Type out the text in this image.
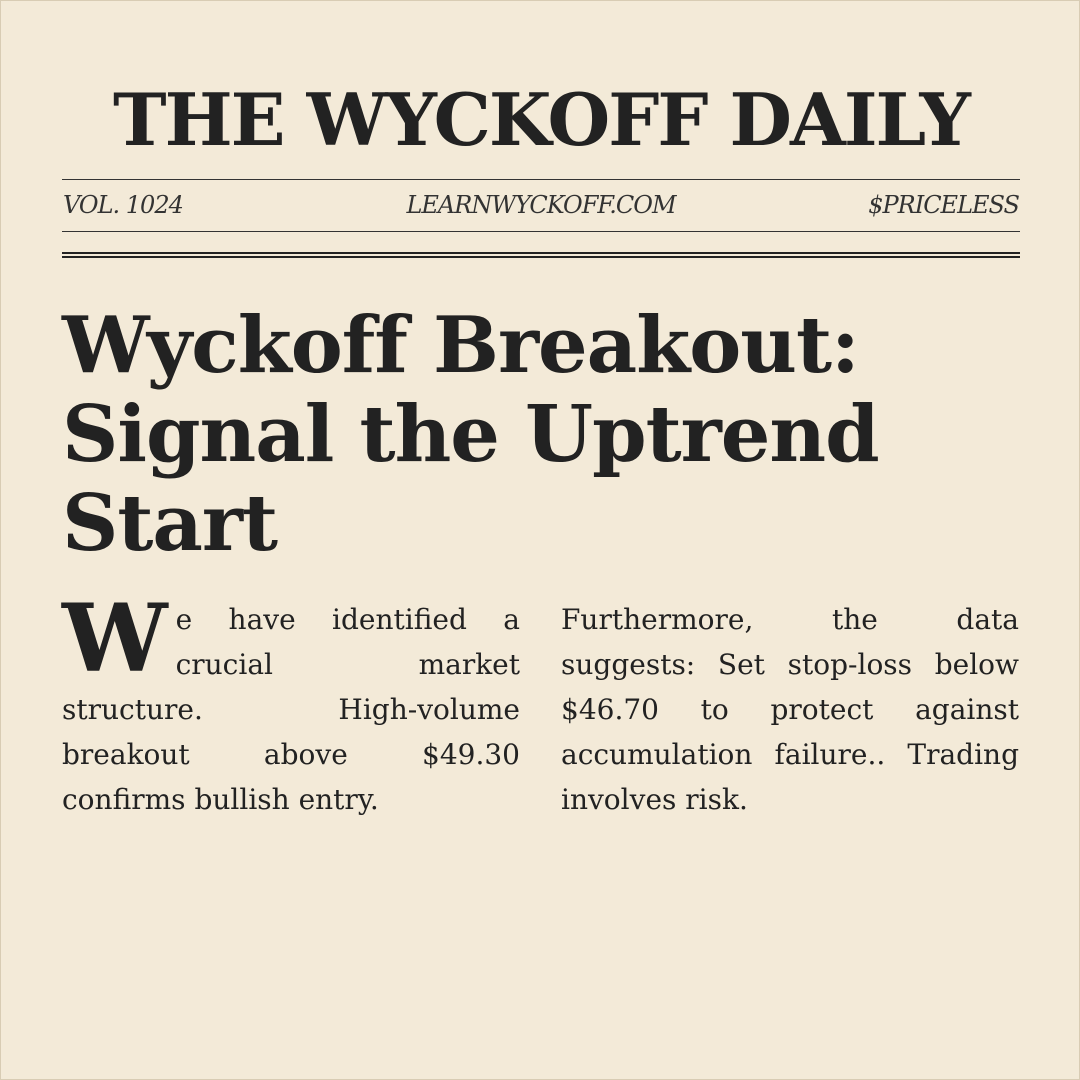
THE WYCKOFF DAILY
VOL. 1024	LEARNWYCKOFF.COM	$PRICELESS
Wyckoff Breakout:
Signal the Uptrend
Start
W e have identified a crucial market structure. High-volume breakout above $49.30 confirms bullish entry.
Furthermore, the data suggests: Set stop-loss below $46.70 to protect against accumulation failure.. Trading involves risk.
